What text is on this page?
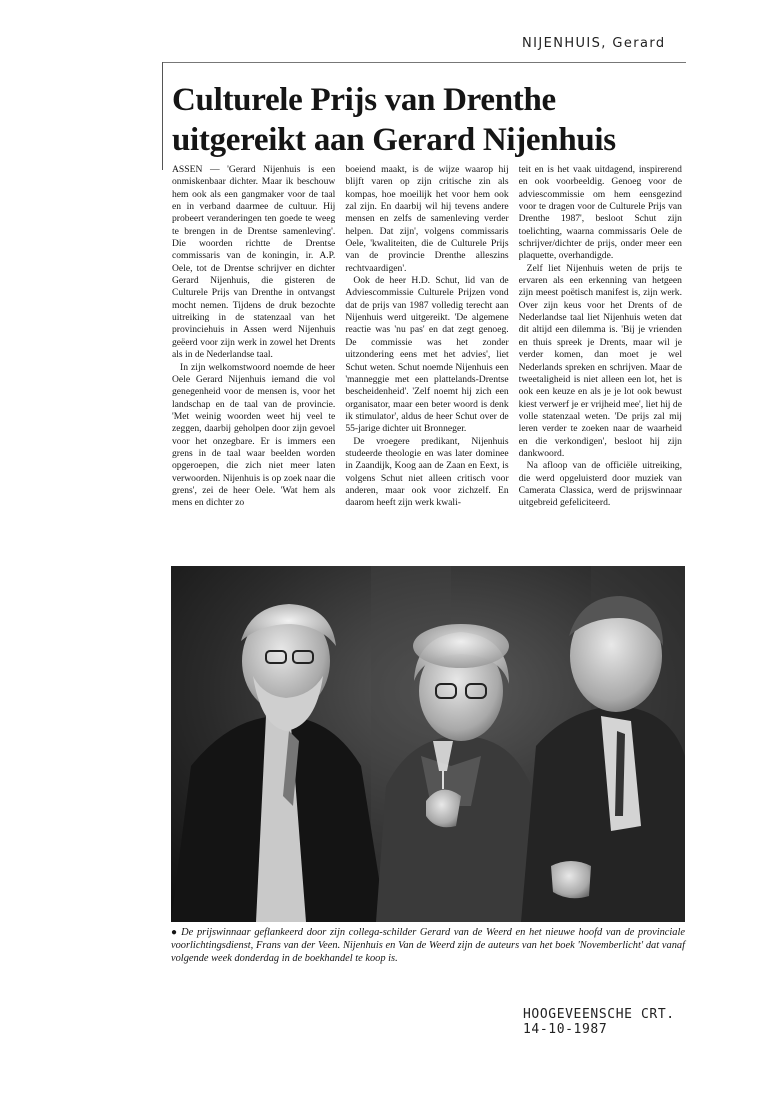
NIJENHUIS, Gerard
Culturele Prijs van Drenthe
uitgereikt aan Gerard Nijenhuis

ASSEN — 'Gerard Nijenhuis is een onmiskenbaar dichter. Maar ik beschouw hem ook als een gangmaker voor de taal en in verband daarmee de cultuur. Hij probeert veranderingen ten goede te weeg te brengen in de Drentse samenleving'. Die woorden richtte de Drentse commissaris van de koningin, ir. A.P. Oele, tot de Drentse schrijver en dichter Gerard Nijenhuis, die gisteren de Culturele Prijs van Drenthe in ontvangst mocht nemen. Tijdens de druk bezochte uitreiking in de statenzaal van het provinciehuis in Assen werd Nijenhuis geëerd voor zijn werk in zowel het Drents als in de Nederlandse taal.

In zijn welkomstwoord noemde de heer Oele Gerard Nijenhuis iemand die vol genegenheid voor de mensen is, voor het landschap en de taal van de provincie. 'Met weinig woorden weet hij veel te zeggen, daarbij geholpen door zijn gevoel voor het onzegbare. Er is immers een grens in de taal waar beelden worden opgeroepen, die zich niet meer laten verwoorden. Nijenhuis is op zoek naar die grens', zei de heer Oele. 'Wat hem als mens en dichter zo

boeiend maakt, is de wijze waarop hij blijft varen op zijn critische zin als kompas, hoe moeilijk het voor hem ook zal zijn. En daarbij wil hij tevens andere mensen en zelfs de samenleving verder helpen. Dat zijn', volgens commissaris Oele, 'kwaliteiten, die de Culturele Prijs van de provincie Drenthe alleszins rechtvaardigen'.

Ook de heer H.D. Schut, lid van de Adviescommissie Culturele Prijzen vond dat de prijs van 1987 volledig terecht aan Nijenhuis werd uitgereikt. 'De algemene reactie was 'nu pas' en dat zegt genoeg. De commissie was het zonder uitzondering eens met het advies', liet Schut weten. Schut noemde Nijenhuis een 'manneggie met een plattelands-Drentse bescheidenheid'. 'Zelf noemt hij zich een organisator, maar een beter woord is denk ik stimulator', aldus de heer Schut over de 55-jarige dichter uit Bronneger.

De vroegere predikant, Nijenhuis studeerde theologie en was later dominee in Zaandijk, Koog aan de Zaan en Eext, is volgens Schut niet alleen critisch voor anderen, maar ook voor zichzelf. En daarom heeft zijn werk kwali-

teit en is het vaak uitdagend, inspirerend en ook voorbeeldig. Genoeg voor de adviescommissie om hem eensgezind voor te dragen voor de Culturele Prijs van Drenthe 1987', besloot Schut zijn toelichting, waarna commissaris Oele de schrijver/dichter de prijs, onder meer een plaquette, overhandigde.

Zelf liet Nijenhuis weten de prijs te ervaren als een erkenning van hetgeen zijn meest poëtisch manifest is, zijn werk. Over zijn keus voor het Drents of de Nederlandse taal liet Nijenhuis weten dat dit altijd een dilemma is. 'Bij je vrienden en thuis spreek je Drents, maar wil je verder komen, dan moet je wel Nederlands spreken en schrijven. Maar de tweetaligheid is niet alleen een lot, het is ook een keuze en als je je lot ook bewust kiest verwerf je er vrijheid mee', liet hij de volle statenzaal weten. 'De prijs zal mij leren verder te zoeken naar de waarheid en die verkondigen', besloot hij zijn dankwoord.

Na afloop van de officiële uitreiking, die werd opgeluisterd door muziek van Camerata Classica, werd de prijswinnaar uitgebreid gefeliciteerd.

● De prijswinnaar geflankeerd door zijn collega-schilder Gerard van de Weerd en het nieuwe hoofd van de provinciale voorlichtingsdienst, Frans van der Veen. Nijenhuis en Van de Weerd zijn de auteurs van het boek 'Novemberlicht' dat vanaf volgende week donderdag in de boekhandel te koop is.

HOOGEVEENSCHE CRT.
14-10-1987
